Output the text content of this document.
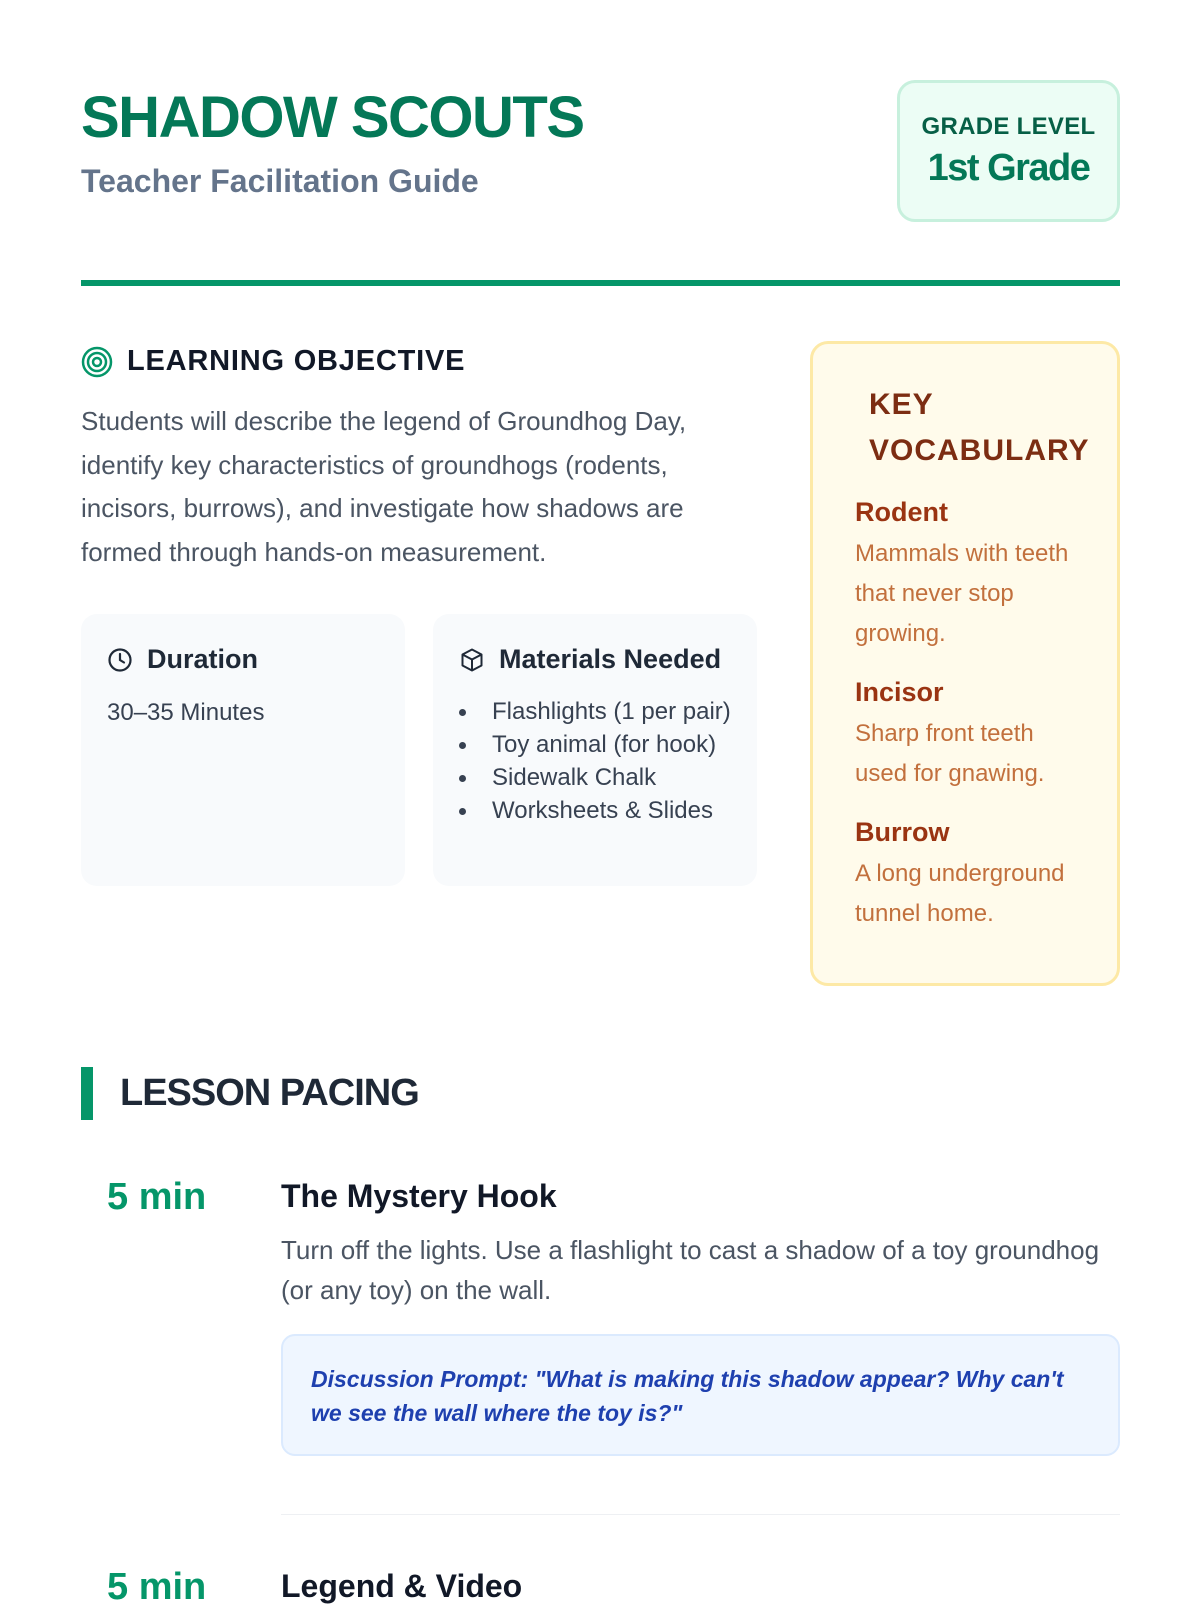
SHADOW SCOUTS
Teacher Facilitation Guide
GRADE LEVEL
1st Grade
LEARNING OBJECTIVE
Students will describe the legend of Groundhog Day, identify key characteristics of groundhogs (rodents, incisors, burrows), and investigate how shadows are formed through hands-on measurement.
Duration
30–35 Minutes
Materials Needed
Flashlights (1 per pair)
Toy animal (for hook)
Sidewalk Chalk
Worksheets & Slides
KEY VOCABULARY
Rodent
Mammals with teeth that never stop growing.
Incisor
Sharp front teeth used for gnawing.
Burrow
A long underground tunnel home.
LESSON PACING
5 min The Mystery Hook
Turn off the lights. Use a flashlight to cast a shadow of a toy groundhog (or any toy) on the wall.
Discussion Prompt: "What is making this shadow appear? Why can't we see the wall where the toy is?"
5 min Legend & Video
